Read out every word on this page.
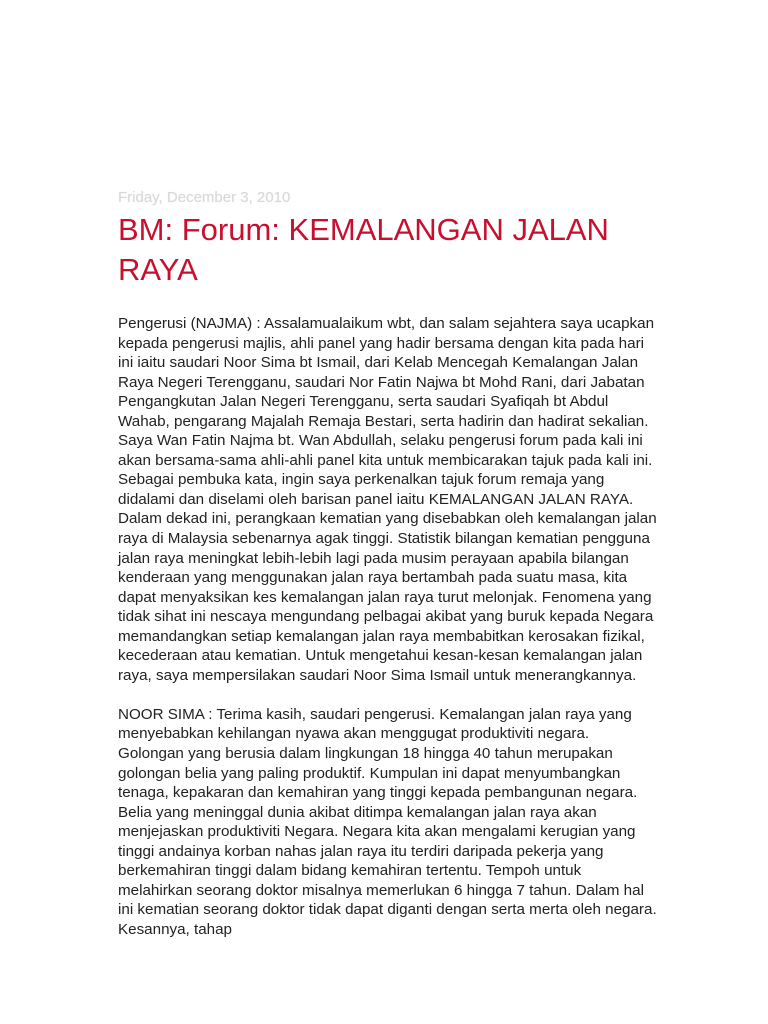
Friday, December 3, 2010
BM: Forum: KEMALANGAN JALAN RAYA

Pengerusi (NAJMA) : Assalamualaikum wbt, dan salam sejahtera saya ucapkan kepada pengerusi majlis, ahli panel yang hadir bersama dengan kita pada hari ini iaitu saudari Noor Sima bt Ismail, dari Kelab Mencegah Kemalangan Jalan Raya Negeri Terengganu, saudari Nor Fatin Najwa bt Mohd Rani, dari Jabatan Pengangkutan Jalan Negeri Terengganu, serta saudari Syafiqah bt Abdul Wahab, pengarang Majalah Remaja Bestari, serta hadirin dan hadirat sekalian. Saya Wan Fatin Najma bt. Wan Abdullah, selaku pengerusi forum pada kali ini akan bersama-sama ahli-ahli panel kita untuk membicarakan tajuk pada kali ini. Sebagai pembuka kata, ingin saya perkenalkan tajuk forum remaja yang didalami dan diselami oleh barisan panel iaitu KEMALANGAN JALAN RAYA. Dalam dekad ini, perangkaan kematian yang disebabkan oleh kemalangan jalan raya di Malaysia sebenarnya agak tinggi. Statistik bilangan kematian pengguna jalan raya meningkat lebih-lebih lagi pada musim perayaan apabila bilangan kenderaan yang menggunakan jalan raya bertambah pada suatu masa, kita dapat menyaksikan kes kemalangan jalan raya turut melonjak. Fenomena yang tidak sihat ini nescaya mengundang pelbagai akibat yang buruk kepada Negara memandangkan setiap kemalangan jalan raya membabitkan kerosakan fizikal, kecederaan atau kematian. Untuk mengetahui kesan-kesan kemalangan jalan raya, saya mempersilakan saudari Noor Sima Ismail untuk menerangkannya.

NOOR SIMA : Terima kasih, saudari pengerusi. Kemalangan jalan raya yang menyebabkan kehilangan nyawa akan menggugat produktiviti negara. Golongan yang berusia dalam lingkungan 18 hingga 40 tahun merupakan golongan belia yang paling produktif. Kumpulan ini dapat menyumbangkan tenaga, kepakaran dan kemahiran yang tinggi kepada pembangunan negara. Belia yang meninggal dunia akibat ditimpa kemalangan jalan raya akan menjejaskan produktiviti Negara. Negara kita akan mengalami kerugian yang tinggi andainya korban nahas jalan raya itu terdiri daripada pekerja yang berkemahiran tinggi dalam bidang kemahiran tertentu. Tempoh untuk melahirkan seorang doktor misalnya memerlukan 6 hingga 7 tahun. Dalam hal ini kematian seorang doktor tidak dapat diganti dengan serta merta oleh negara. Kesannya, tahap
